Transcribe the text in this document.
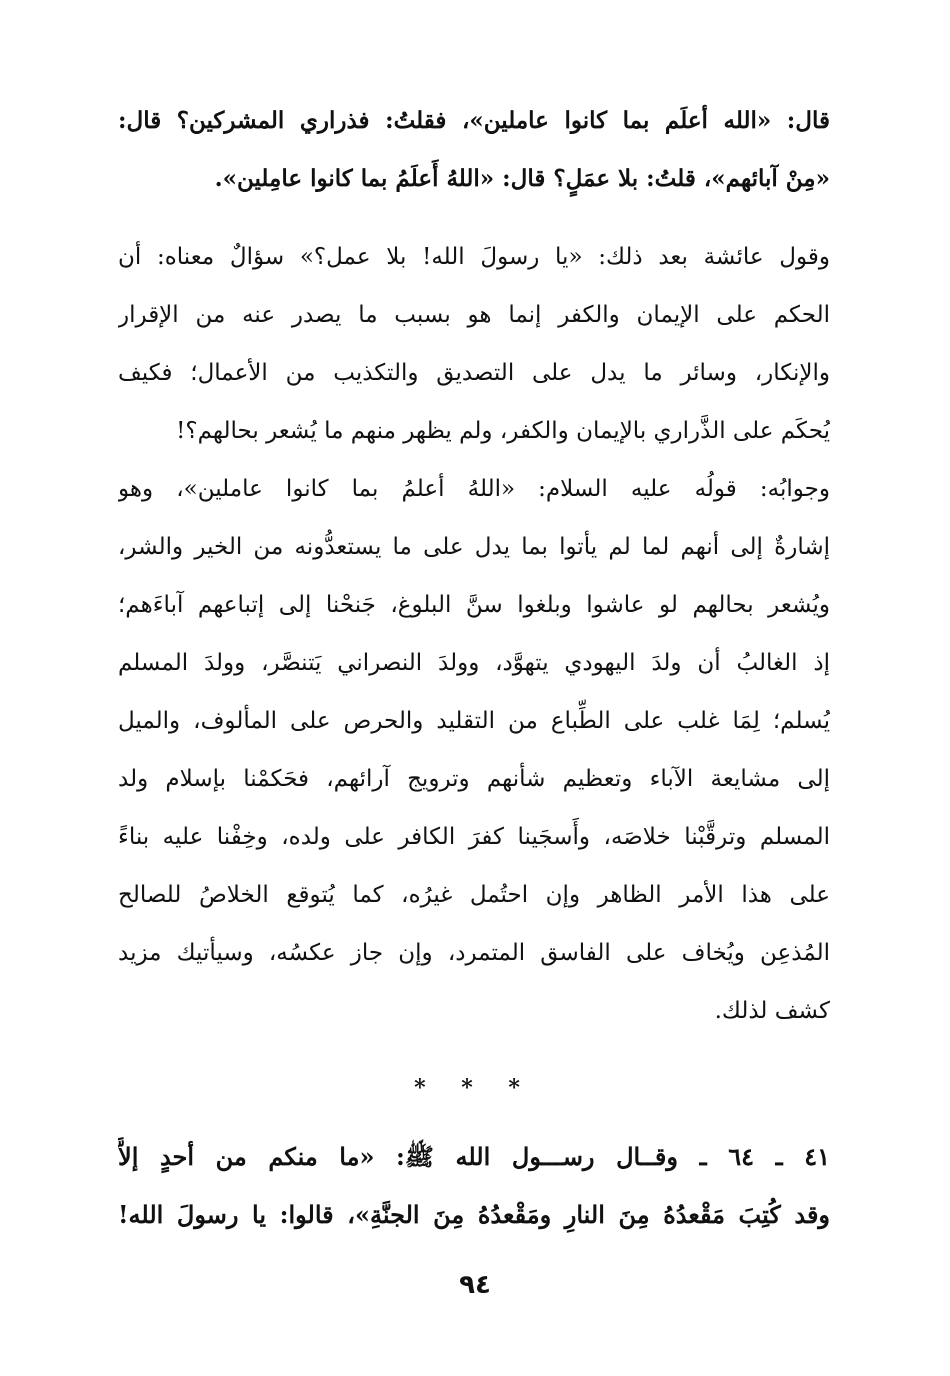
قال: «الله أعلَم بما كانوا عاملين»، فقلتُ: فذراري المشركين؟ قال:
«مِنْ آبائهم»، قلتُ: بلا عمَلٍ؟ قال: «اللهُ أَعلَمُ بما كانوا عامِلين».
وقول عائشة بعد ذلك: «يا رسولَ الله! بلا عمل؟» سؤالٌ معناه: أن
الحكم على الإيمان والكفر إنما هو بسبب ما يصدر عنه من الإقرار
والإنكار، وسائر ما يدل على التصديق والتكذيب من الأعمال؛ فكيف
يُحكَم على الذَّراري بالإيمان والكفر، ولم يظهر منهم ما يُشعر بحالهم؟!
وجوابُه: قولُه عليه السلام: «اللهُ أعلمُ بما كانوا عاملين»، وهو
إشارةٌ إلى أنهم لما لم يأتوا بما يدل على ما يستعدُّونه من الخير والشر،
ويُشعر بحالهم لو عاشوا وبلغوا سنَّ البلوغ، جَنحْنا إلى إتباعهم آباءَهم؛
إذ الغالبُ أن ولدَ اليهودي يتهوَّد، وولدَ النصراني يَتنصَّر، وولدَ المسلم
يُسلم؛ لِمَا غلب على الطِّباع من التقليد والحرص على المألوف، والميل
إلى مشايعة الآباء وتعظيم شأنهم وترويج آرائهم، فحَكمْنا بإسلام ولد
المسلم وترقَّبْنا خلاصَه، وأَسجَينا كفرَ الكافر على ولده، وخِفْنا عليه بناءً
على هذا الأمر الظاهر وإن احتُمل غيرُه، كما يُتوقع الخلاصُ للصالح
المُذعِن ويُخاف على الفاسق المتمرد، وإن جاز عكسُه، وسيأتيك مزيد
كشف لذلك.
* * *
٤١ ـ ٦٤ ـ وقــال رســـول الله ﷺ: «ما منكم من أحدٍ إلاَّ
وقد كُتِبَ مَقْعدُهُ مِنَ النارِ ومَقْعدُهُ مِنَ الجنَّةِ»، قالوا: يا رسولَ الله!
٩٤
